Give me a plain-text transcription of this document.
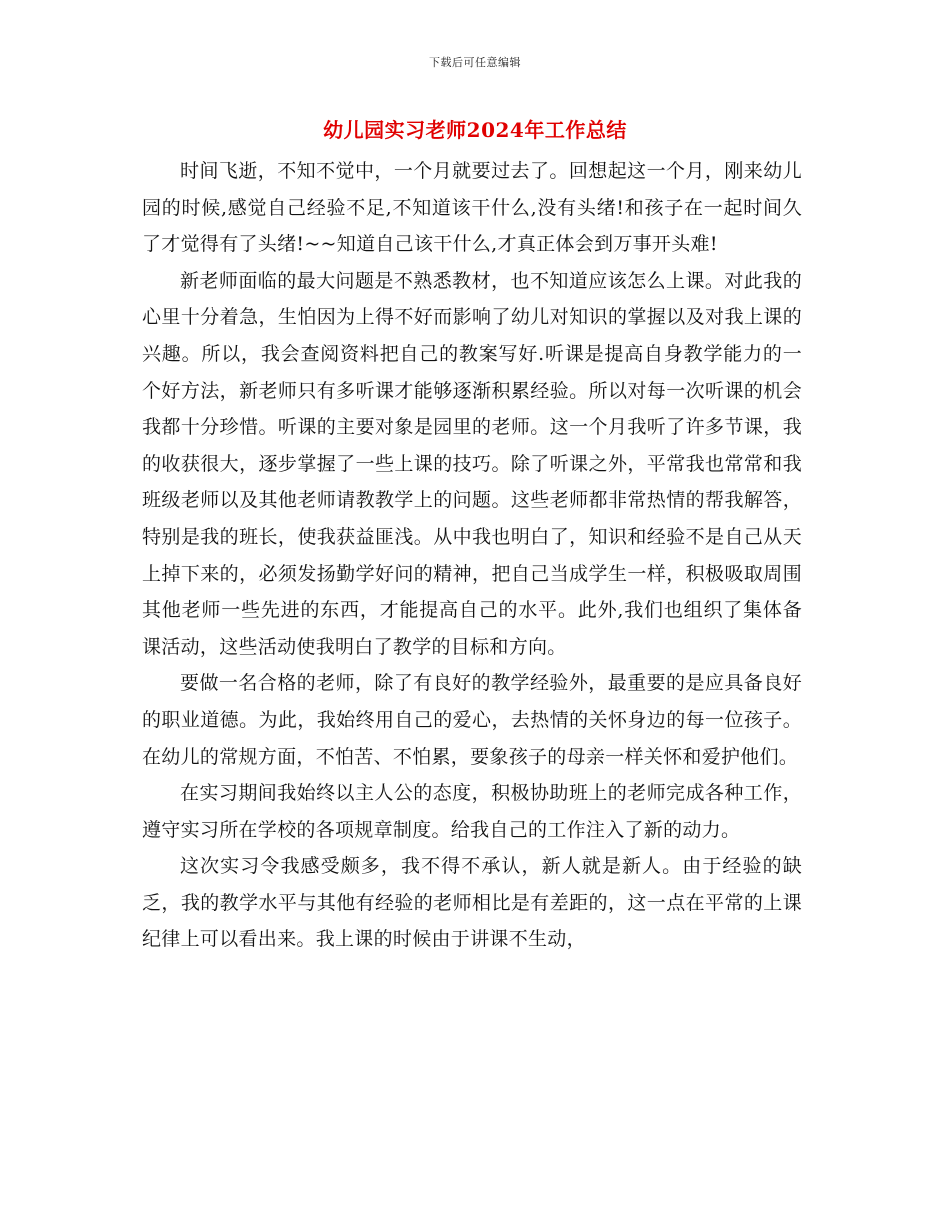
下载后可任意编辑
幼儿园实习老师2024年工作总结

时间飞逝，不知不觉中，一个月就要过去了。回想起这一个月，刚来幼儿园的时候,感觉自己经验不足,不知道该干什么,没有头绪!和孩子在一起时间久了才觉得有了头绪!~~知道自己该干什么,才真正体会到万事开头难!

新老师面临的最大问题是不熟悉教材，也不知道应该怎么上课。对此我的心里十分着急，生怕因为上得不好而影响了幼儿对知识的掌握以及对我上课的兴趣。所以，我会查阅资料把自己的教案写好.听课是提高自身教学能力的一个好方法，新老师只有多听课才能够逐渐积累经验。所以对每一次听课的机会我都十分珍惜。听课的主要对象是园里的老师。这一个月我听了许多节课，我的收获很大，逐步掌握了一些上课的技巧。除了听课之外，平常我也常常和我班级老师以及其他老师请教教学上的问题。这些老师都非常热情的帮我解答，特别是我的班长，使我获益匪浅。从中我也明白了，知识和经验不是自己从天上掉下来的，必须发扬勤学好问的精神，把自己当成学生一样，积极吸取周围其他老师一些先进的东西，才能提高自己的水平。此外,我们也组织了集体备课活动，这些活动使我明白了教学的目标和方向。

要做一名合格的老师，除了有良好的教学经验外，最重要的是应具备良好的职业道德。为此，我始终用自己的爱心，去热情的关怀身边的每一位孩子。在幼儿的常规方面，不怕苦、不怕累，要象孩子的母亲一样关怀和爱护他们。

在实习期间我始终以主人公的态度，积极协助班上的老师完成各种工作，遵守实习所在学校的各项规章制度。给我自己的工作注入了新的动力。

这次实习令我感受颇多，我不得不承认，新人就是新人。由于经验的缺乏，我的教学水平与其他有经验的老师相比是有差距的，这一点在平常的上课纪律上可以看出来。我上课的时候由于讲课不生动，
